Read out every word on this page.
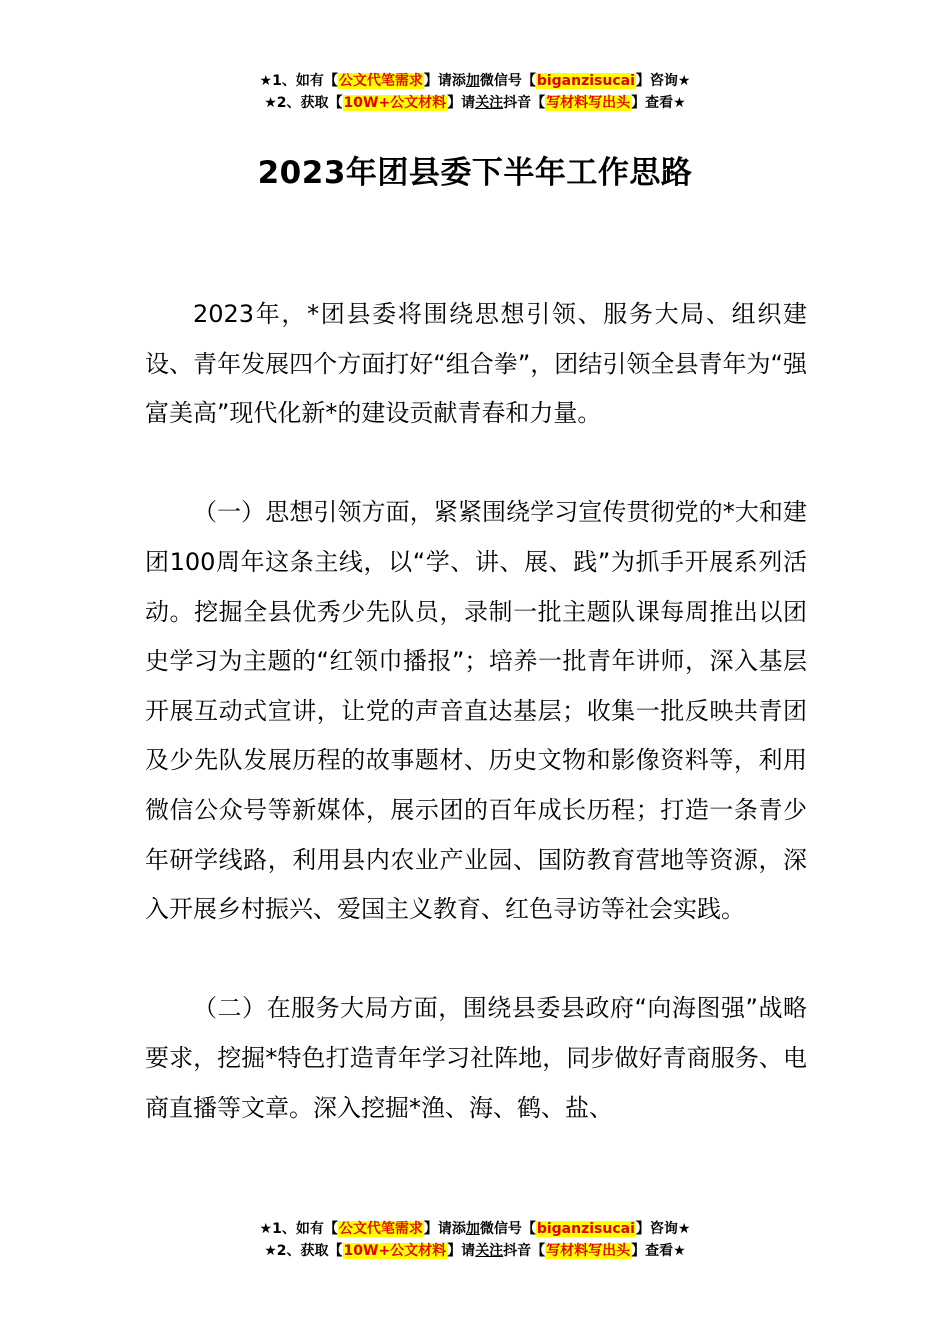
★1、如有【公文代笔需求】请添加微信号【biganzisucai】咨询★
★2、获取【10W+公文材料】请关注抖音【写材料写出头】查看★
2023年团县委下半年工作思路

2023年，*团县委将围绕思想引领、服务大局、组织建设、青年发展四个方面打好“组合拳”，团结引领全县青年为“强富美高”现代化新*的建设贡献青春和力量。

（一）思想引领方面，紧紧围绕学习宣传贯彻党的*大和建团100周年这条主线，以“学、讲、展、践”为抓手开展系列活动。挖掘全县优秀少先队员，录制一批主题队课每周推出以团史学习为主题的“红领巾播报”；培养一批青年讲师，深入基层开展互动式宣讲，让党的声音直达基层；收集一批反映共青团及少先队发展历程的故事题材、历史文物和影像资料等，利用微信公众号等新媒体，展示团的百年成长历程；打造一条青少年研学线路，利用县内农业产业园、国防教育营地等资源，深入开展乡村振兴、爱国主义教育、红色寻访等社会实践。

（二）在服务大局方面，围绕县委县政府“向海图强”战略要求，挖掘*特色打造青年学习社阵地，同步做好青商服务、电商直播等文章。深入挖掘*渔、海、鹤、盐、

★1、如有【公文代笔需求】请添加微信号【biganzisucai】咨询★
★2、获取【10W+公文材料】请关注抖音【写材料写出头】查看★
